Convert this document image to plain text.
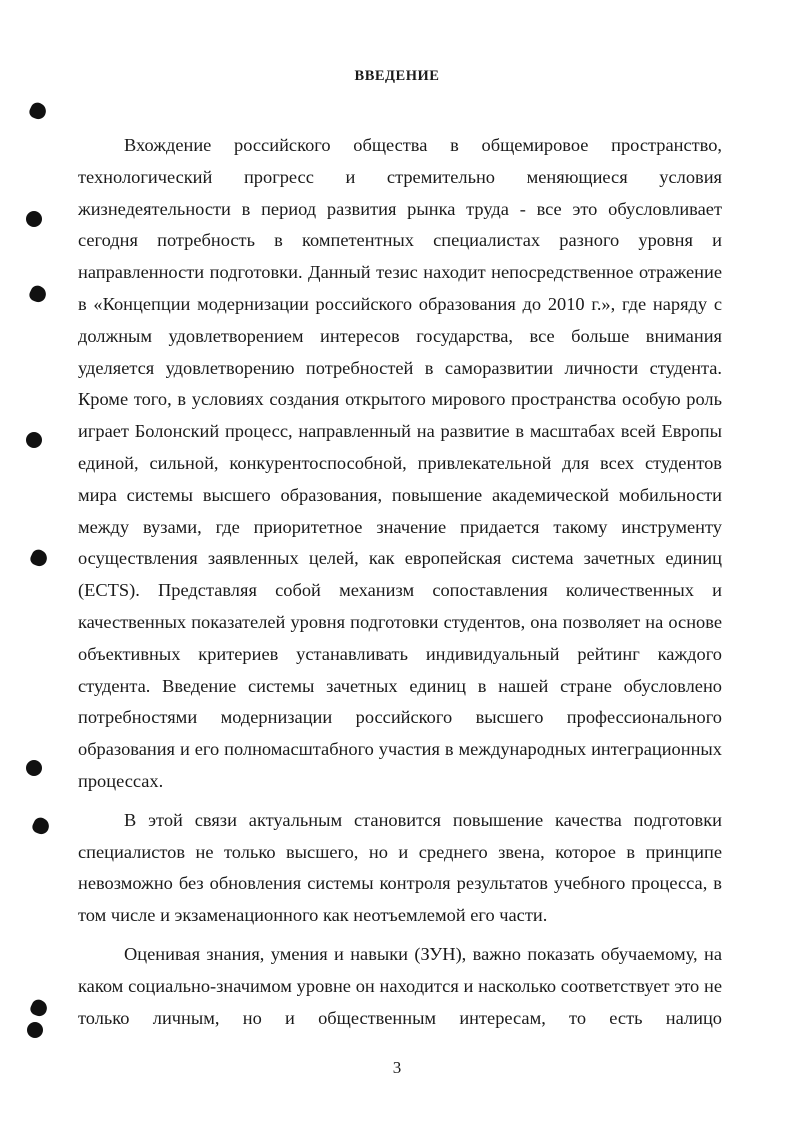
ВВЕДЕНИЕ

Вхождение российского общества в общемировое пространство, технологический прогресс и стремительно меняющиеся условия жизнедеятельности в период развития рынка труда - все это обусловливает сегодня потребность в компетентных специалистах разного уровня и направленности подготовки. Данный тезис находит непосредственное отражение в «Концепции модернизации российского образования до 2010 г.», где наряду с должным удовлетворением интересов государства, все больше внимания уделяется удовлетворению потребностей в саморазвитии личности студента. Кроме того, в условиях создания открытого мирового пространства особую роль играет Болонский процесс, направленный на развитие в масштабах всей Европы единой, сильной, конкурентоспособной, привлекательной для всех студентов мира системы высшего образования, повышение академической мобильности между вузами, где приоритетное значение придается такому инструменту осуществления заявленных целей, как европейская система зачетных единиц (ECTS). Представляя собой механизм сопоставления количественных и качественных показателей уровня подготовки студентов, она позволяет на основе объективных критериев устанавливать индивидуальный рейтинг каждого студента. Введение системы зачетных единиц в нашей стране обусловлено потребностями модернизации российского высшего профессионального образования и его полномасштабного участия в международных интеграционных процессах.

В этой связи актуальным становится повышение качества подготовки специалистов не только высшего, но и среднего звена, которое в принципе невозможно без обновления системы контроля результатов учебного процесса, в том числе и экзаменационного как неотъемлемой его части.

Оценивая знания, умения и навыки (ЗУН), важно показать обучаемому, на каком социально-значимом уровне он находится и насколько соответствует это не только личным, но и общественным интересам, то есть налицо

3
